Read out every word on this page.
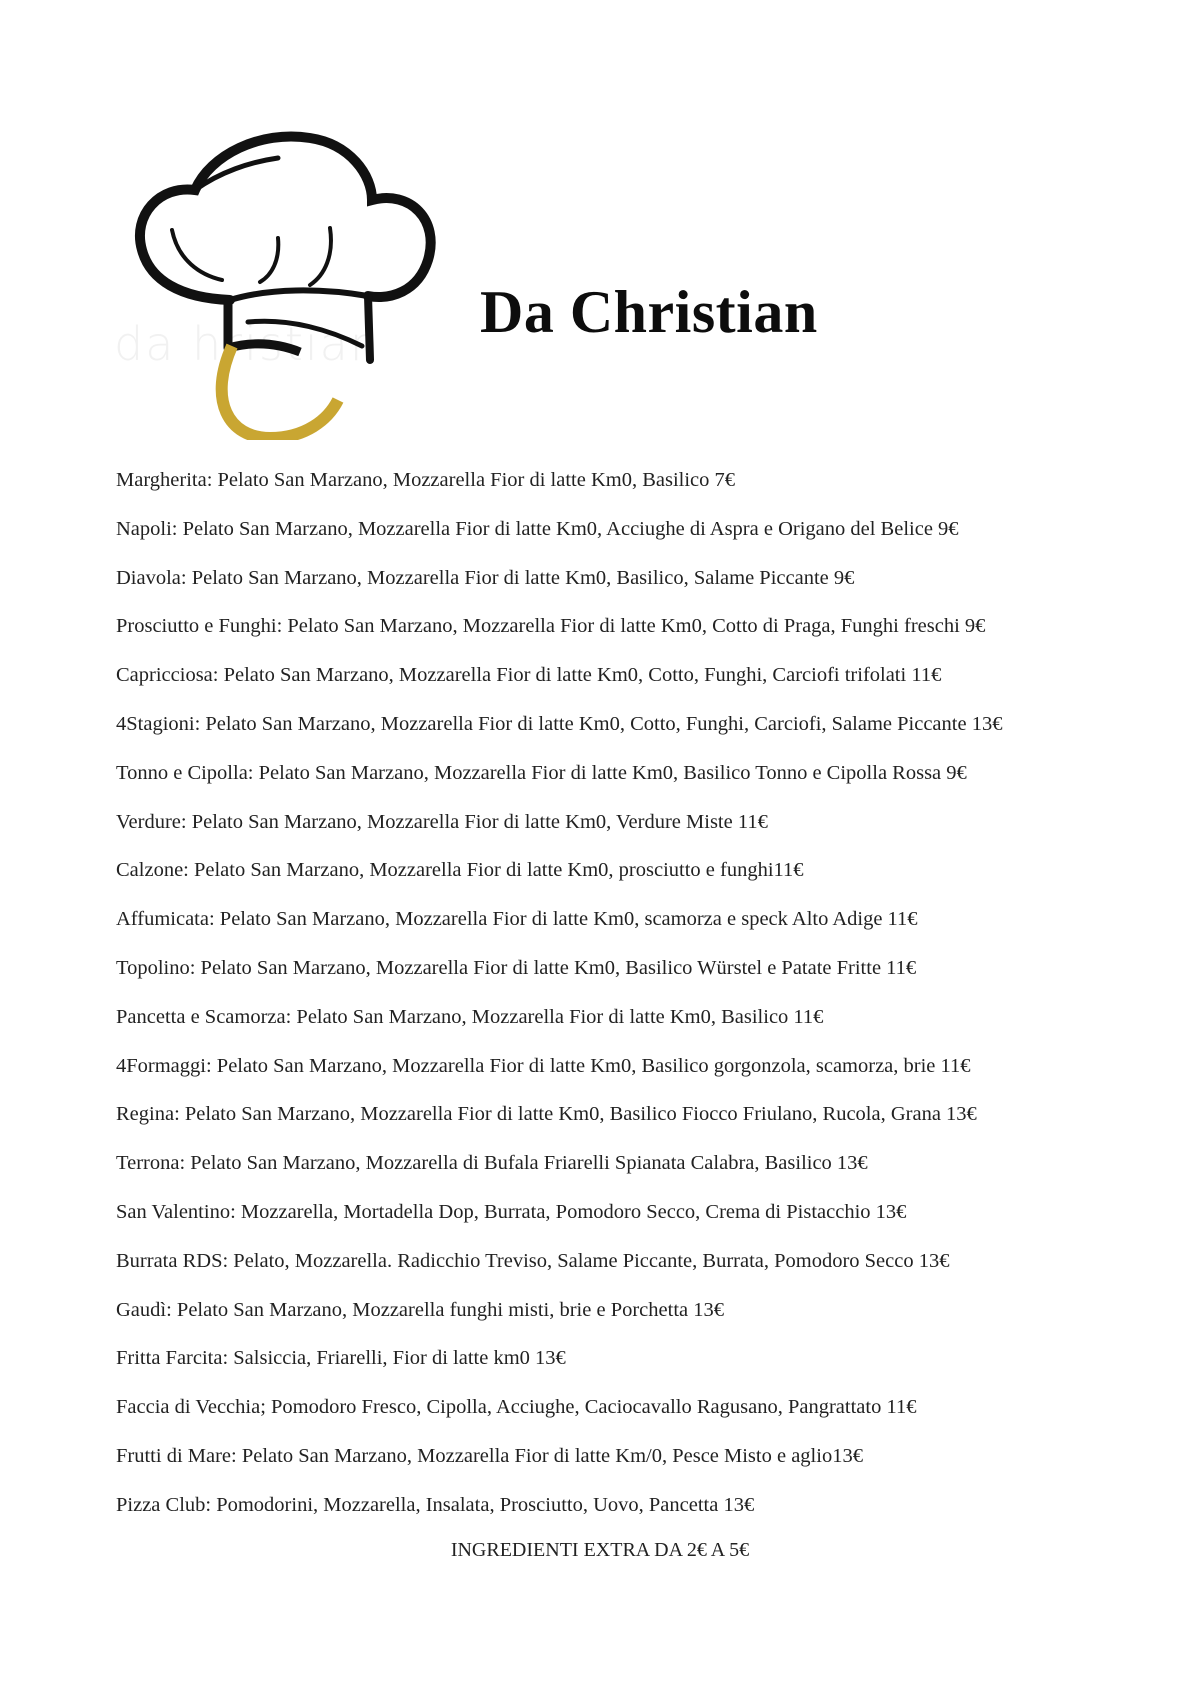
da hristian Da Christian
Margherita: Pelato San Marzano, Mozzarella Fior di latte Km0, Basilico 7€
Napoli: Pelato San Marzano, Mozzarella Fior di latte Km0, Acciughe di Aspra e Origano del Belice 9€
Diavola: Pelato San Marzano, Mozzarella Fior di latte Km0, Basilico, Salame Piccante 9€
Prosciutto e Funghi: Pelato San Marzano, Mozzarella Fior di latte Km0, Cotto di Praga, Funghi freschi 9€
Capricciosa: Pelato San Marzano, Mozzarella Fior di latte Km0, Cotto, Funghi, Carciofi trifolati 11€
4Stagioni: Pelato San Marzano, Mozzarella Fior di latte Km0, Cotto, Funghi, Carciofi, Salame Piccante 13€
Tonno e Cipolla: Pelato San Marzano, Mozzarella Fior di latte Km0, Basilico Tonno e Cipolla Rossa 9€
Verdure: Pelato San Marzano, Mozzarella Fior di latte Km0, Verdure Miste 11€
Calzone: Pelato San Marzano, Mozzarella Fior di latte Km0, prosciutto e funghi11€
Affumicata: Pelato San Marzano, Mozzarella Fior di latte Km0, scamorza e speck Alto Adige 11€
Topolino: Pelato San Marzano, Mozzarella Fior di latte Km0, Basilico Würstel e Patate Fritte 11€
Pancetta e Scamorza: Pelato San Marzano, Mozzarella Fior di latte Km0, Basilico 11€
4Formaggi: Pelato San Marzano, Mozzarella Fior di latte Km0, Basilico gorgonzola, scamorza, brie 11€
Regina: Pelato San Marzano, Mozzarella Fior di latte Km0, Basilico Fiocco Friulano, Rucola, Grana 13€
Terrona: Pelato San Marzano, Mozzarella di Bufala Friarelli Spianata Calabra, Basilico 13€
San Valentino: Mozzarella, Mortadella Dop, Burrata, Pomodoro Secco, Crema di Pistacchio 13€
Burrata RDS: Pelato, Mozzarella. Radicchio Treviso, Salame Piccante, Burrata, Pomodoro Secco 13€
Gaudì: Pelato San Marzano, Mozzarella funghi misti, brie e Porchetta 13€
Fritta Farcita: Salsiccia, Friarelli, Fior di latte km0 13€
Faccia di Vecchia; Pomodoro Fresco, Cipolla, Acciughe, Caciocavallo Ragusano, Pangrattato 11€
Frutti di Mare: Pelato San Marzano, Mozzarella Fior di latte Km/0, Pesce Misto e aglio13€
Pizza Club: Pomodorini, Mozzarella, Insalata, Prosciutto, Uovo, Pancetta 13€
INGREDIENTI EXTRA DA 2€ A 5€
